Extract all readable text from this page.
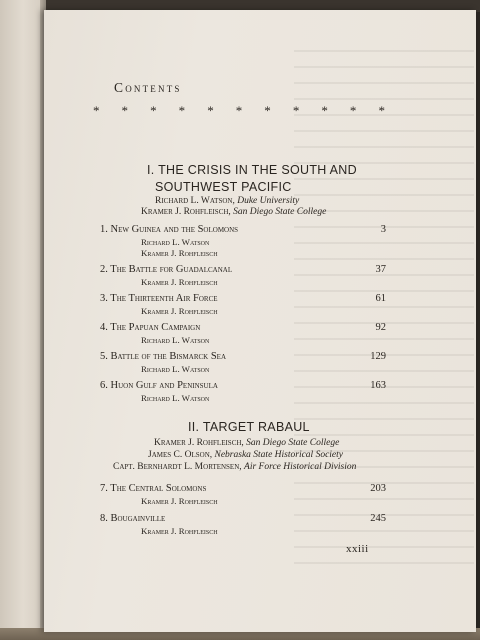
Contents
* * * * * * * * * * *
I. THE CRISIS IN THE SOUTH AND
SOUTHWEST PACIFIC
Richard L. Watson, Duke University
Kramer J. Rohfleisch, San Diego State College
1. New Guinea and the Solomons	3
Richard L. Watson
Kramer J. Rohfleisch
2. The Battle for Guadalcanal	37
Kramer J. Rohfleisch
3. The Thirteenth Air Force	61
Kramer J. Rohfleisch
4. The Papuan Campaign	92
Richard L. Watson
5. Battle of the Bismarck Sea	129
Richard L. Watson
6. Huon Gulf and Peninsula	163
Richard L. Watson
II. TARGET RABAUL
Kramer J. Rohfleisch, San Diego State College
James C. Olson, Nebraska State Historical Society
Capt. Bernhardt L. Mortensen, Air Force Historical Division
7. The Central Solomons	203
Kramer J. Rohfleisch
8. Bougainville	245
Kramer J. Rohfleisch
xxiii
